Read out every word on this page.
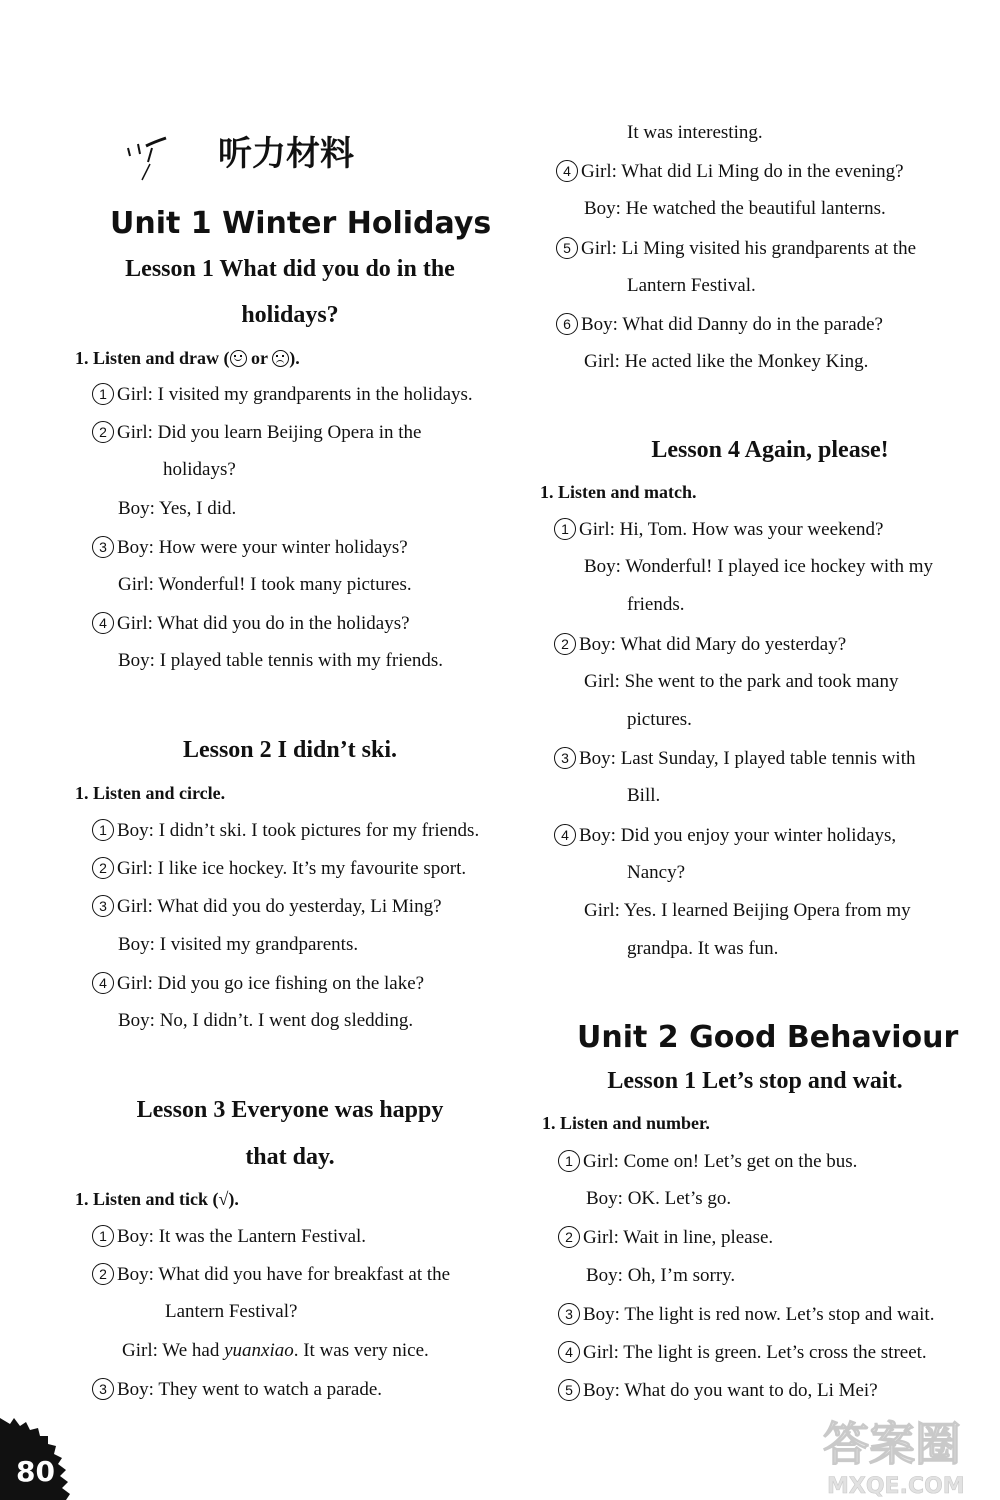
听力材料
Unit 1 Winter Holidays
Lesson 1 What did you do in the
holidays?
1. Listen and draw ( or ).
1 Girl: I visited my grandparents in the holidays.
2 Girl: Did you learn Beijing Opera in the
holidays?
Boy: Yes, I did.
3 Boy: How were your winter holidays?
Girl: Wonderful! I took many pictures.
4 Girl: What did you do in the holidays?
Boy: I played table tennis with my friends.
Lesson 2 I didn’t ski.
1. Listen and circle.
1 Boy: I didn’t ski. I took pictures for my friends.
2 Girl: I like ice hockey. It’s my favourite sport.
3 Girl: What did you do yesterday, Li Ming?
Boy: I visited my grandparents.
4 Girl: Did you go ice fishing on the lake?
Boy: No, I didn’t. I went dog sledding.
Lesson 3 Everyone was happy
that day.
1. Listen and tick (√).
1 Boy: It was the Lantern Festival.
2 Boy: What did you have for breakfast at the
Lantern Festival?
Girl: We had yuanxiao. It was very nice.
3 Boy: They went to watch a parade.
It was interesting.
4 Girl: What did Li Ming do in the evening?
Boy: He watched the beautiful lanterns.
5 Girl: Li Ming visited his grandparents at the
Lantern Festival.
6 Boy: What did Danny do in the parade?
Girl: He acted like the Monkey King.
Lesson 4 Again, please!
1. Listen and match.
1 Girl: Hi, Tom. How was your weekend?
Boy: Wonderful! I played ice hockey with my
friends.
2 Boy: What did Mary do yesterday?
Girl: She went to the park and took many
pictures.
3 Boy: Last Sunday, I played table tennis with
Bill.
4 Boy: Did you enjoy your winter holidays,
Nancy?
Girl: Yes. I learned Beijing Opera from my
grandpa. It was fun.
Unit 2 Good Behaviour
Lesson 1 Let’s stop and wait.
1. Listen and number.
1 Girl: Come on! Let’s get on the bus.
Boy: OK. Let’s go.
2 Girl: Wait in line, please.
Boy: Oh, I’m sorry.
3 Boy: The light is red now. Let’s stop and wait.
4 Girl: The light is green. Let’s cross the street.
5 Boy: What do you want to do, Li Mei?
80
答案圈
MXQE.COM
